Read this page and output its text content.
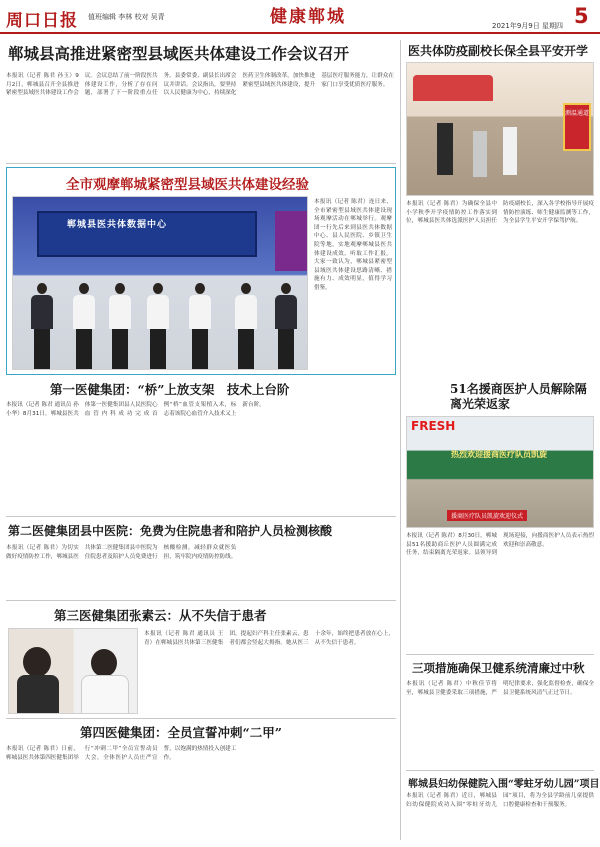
周口日报 值班编辑 李林 校对 吴青	健康郸城	2021年9月9日 星期四 5
郸城县高推进紧密型县域医共体建设工作会议召开
本报讯（记者 陈君 孙玉）9月2日，郸城县召开全县推进紧密型县域医共体建设工作会议。会议总结了前一阶段医共体建设工作，分析了存在问题，部署了下一阶段重点任务。县委常委、副县长出席会议并讲话。会议指出，要坚持以人民健康为中心，持续深化医药卫生体制改革，加快推进紧密型县域医共体建设，提升基层医疗服务能力，让群众在家门口享受优质医疗服务。
全市观摩郸城紧密型县域医共体建设经验
郸城县医共体数据中心
本报讯（记者 陈君）连日来，全市紧密型县域医共体建设现场观摩活动在郸城举行。观摩团一行先后来到县医共体数据中心、县人民医院、乡镇卫生院等地，实地观摩郸城县医共体建设成效，听取工作汇报。大家一致认为，郸城县紧密型县域医共体建设思路清晰、措施有力、成效明显，值得学习借鉴。
第一医健集团：“桥”上放支架　技术上台阶
本报讯（记者 陈君 通讯员 孙小华）8月31日，郸城县医共体第一医健集团县人民医院心血管内科成功完成首例“桥”血管支架植入术，标志着该院心血管介入技术又上新台阶。
第二医健集团县中医院：免费为住院患者和陪护人员检测核酸
本报讯（记者 陈君）为切实做好疫情防控工作，郸城县医共体第二医健集团县中医院为住院患者及陪护人员免费进行核酸检测，减轻群众就医负担，筑牢院内疫情防控防线。
第三医健集团张素云：从不失信于患者
本报讯（记者 陈君 通讯员 王青）在郸城县医共体第三医健集团，提起妇产科主任张素云，患者们都会竖起大拇指。她从医三十余年，始终把患者放在心上，从不失信于患者。
第四医健集团：全员宣誓冲刺“二甲”
本报讯（记者 陈君）日前，郸城县医共体第四医健集团举行“冲刺二甲”全员宣誓动员大会，全体医护人员庄严宣誓，以饱满的热情投入创建工作。
医共体防疫副校长保全县平安开学
测温通道
本报讯（记者 陈君）为确保全县中小学秋季开学疫情防控工作落实到位，郸城县医共体选派医护人员担任防疫副校长，深入各学校指导开展疫情防控演练、师生健康监测等工作，为全县学生平安开学保驾护航。
51名援商医护人员解除隔离光荣返家
FRESH
热烈欢迎援商医疗队员凯旋
援商医疗队员凯旋欢迎仪式
本报讯（记者 陈君）8月30日，郸城县51名援助商丘医护人员圆满完成任务，结束隔离光荣返家。县领导到现场迎接，向援商医护人员表示热烈欢迎和崇高敬意。
三项措施确保卫健系统清廉过中秋
本报讯（记者 陈君）中秋佳节将至，郸城县卫健委采取三项措施，严明纪律要求，强化监督检查，确保全县卫健系统风清气正过节日。
郸城县妇幼保健院入围“零蛀牙幼儿园”项目
本报讯（记者 陈君）近日，郸城县妇幼保健院成功入围“零蛀牙幼儿园”项目，将为全县学龄前儿童提供口腔健康检查和干预服务。
